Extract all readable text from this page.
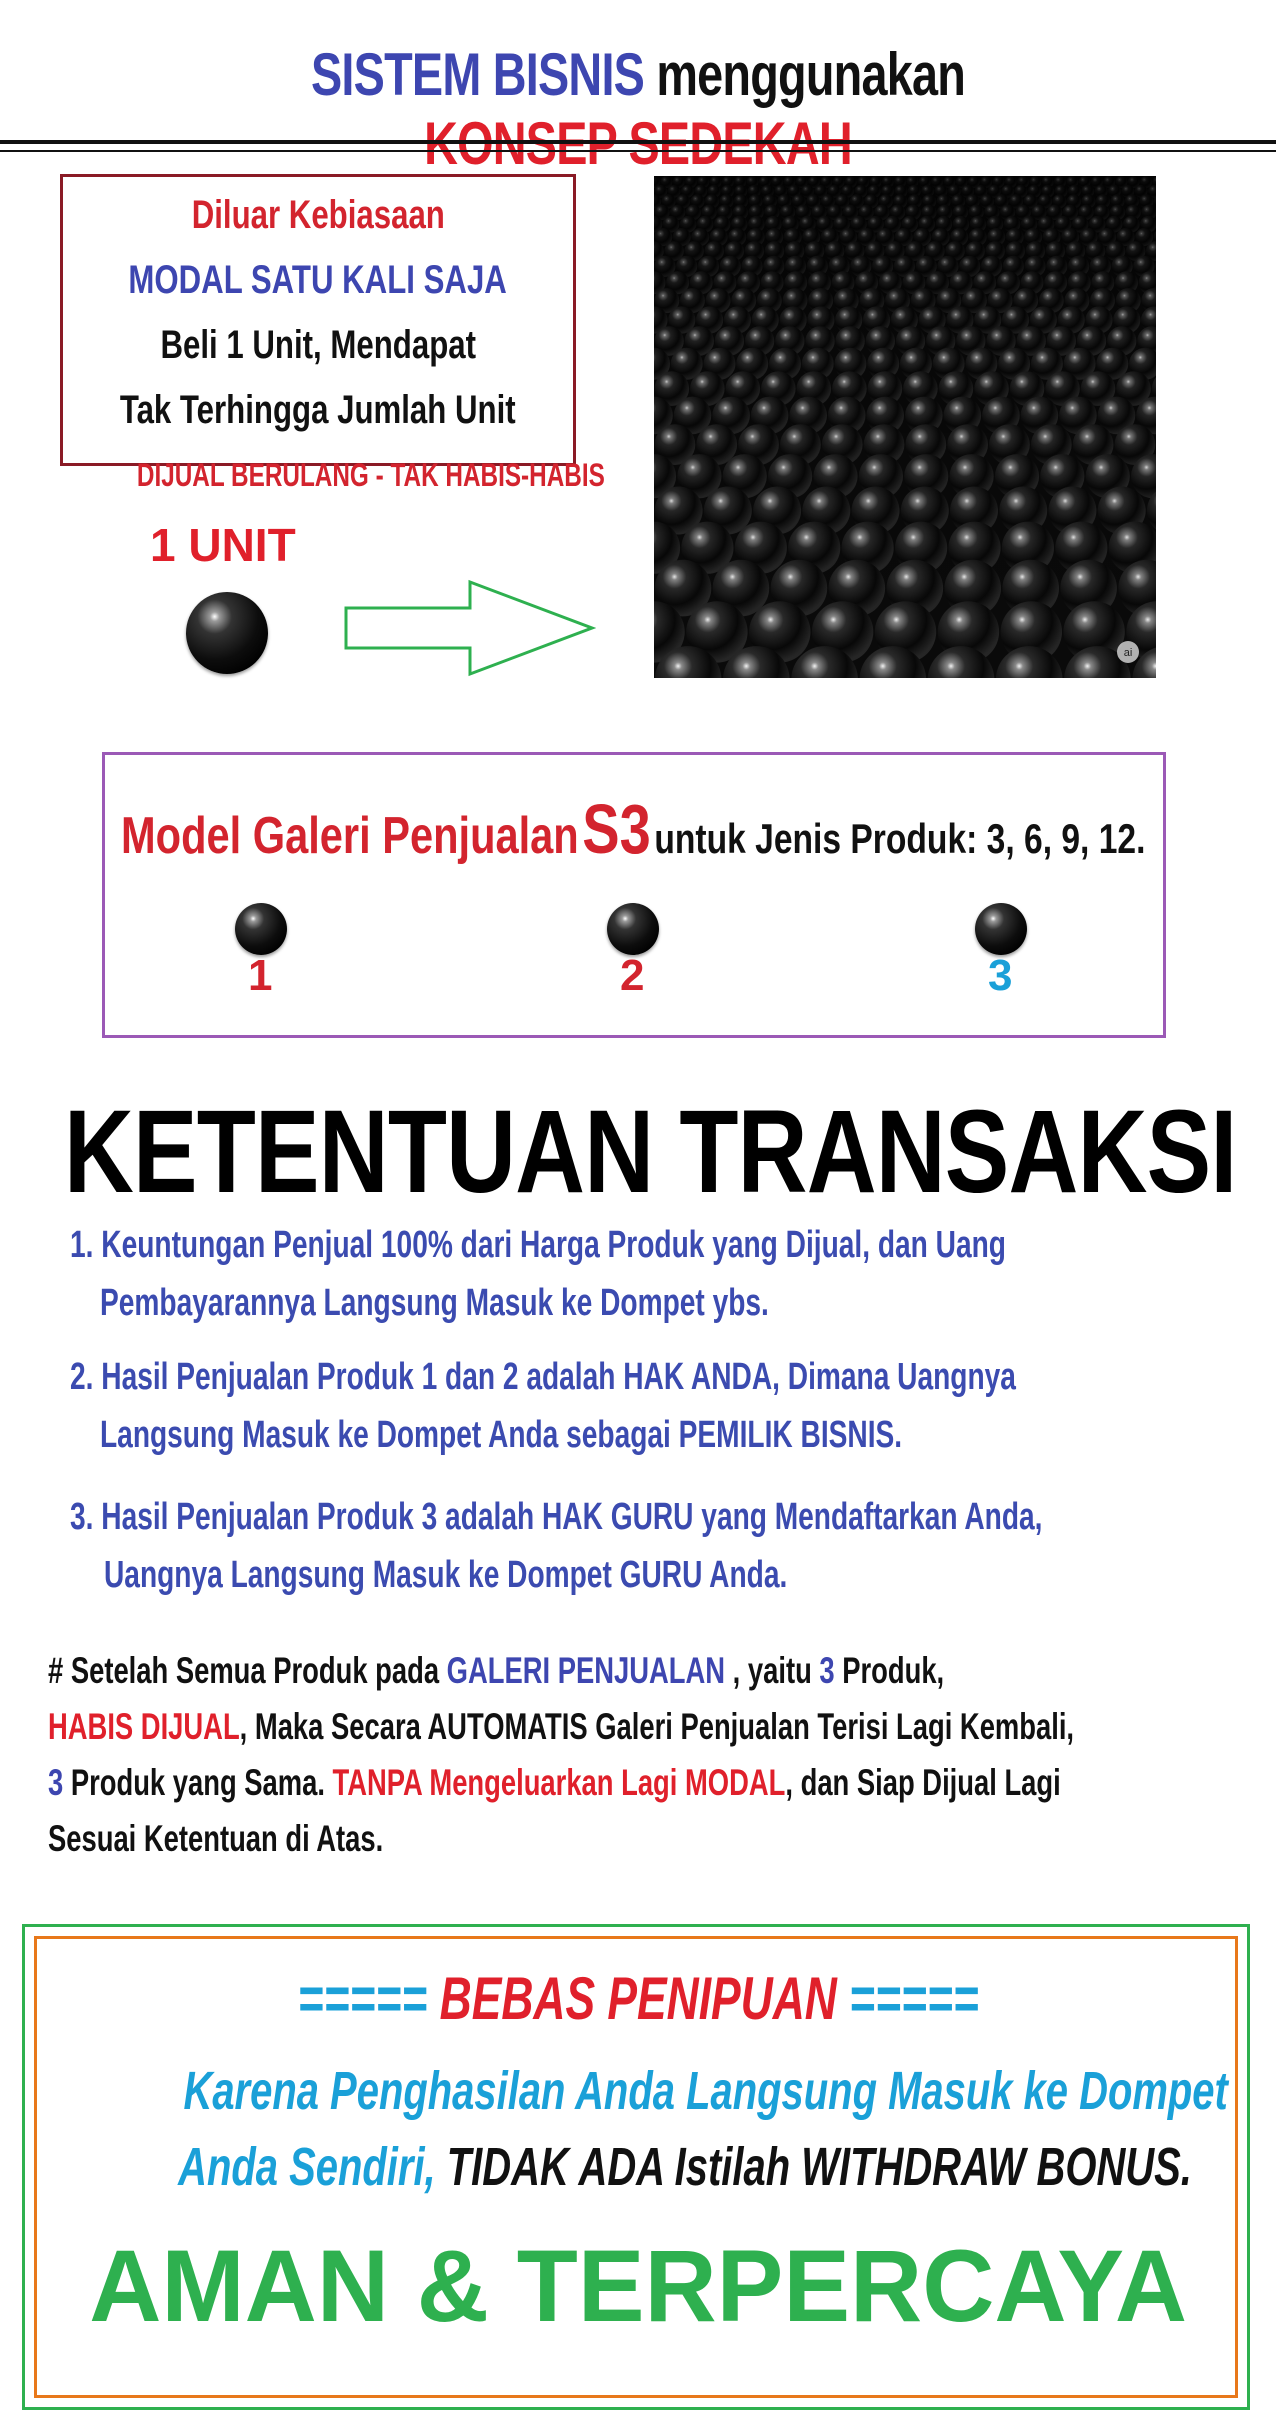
SISTEM BISNIS menggunakan
Diluar Kebiasaan
MODAL SATU KALI SAJA
Beli 1 Unit, Mendapat
Tak Terhingga Jumlah Unit
DIJUAL BERULANG - TAK HABIS-HABIS
1 UNIT
ai
Model Galeri Penjualan S3 untuk Jenis Produk: 3, 6, 9, 12.
1	2	3
KETENTUAN TRANSAKSI
1. Keuntungan Penjual 100% dari Harga Produk yang Dijual, dan Uang
Pembayarannya Langsung Masuk ke Dompet ybs.
2. Hasil Penjualan Produk 1 dan 2 adalah HAK ANDA, Dimana Uangnya
Langsung Masuk ke Dompet Anda sebagai PEMILIK BISNIS.
3. Hasil Penjualan Produk 3 adalah HAK GURU yang Mendaftarkan Anda,
Uangnya Langsung Masuk ke Dompet GURU Anda.
# Setelah Semua Produk pada GALERI PENJUALAN , yaitu 3 Produk,
HABIS DIJUAL, Maka Secara AUTOMATIS Galeri Penjualan Terisi Lagi Kembali,
3 Produk yang Sama. TANPA Mengeluarkan Lagi MODAL, dan Siap Dijual Lagi
Sesuai Ketentuan di Atas.
===== BEBAS PENIPUAN =====
Karena Penghasilan Anda Langsung Masuk ke Dompet
Anda Sendiri, TIDAK ADA Istilah WITHDRAW BONUS.
AMAN & TERPERCAYA
